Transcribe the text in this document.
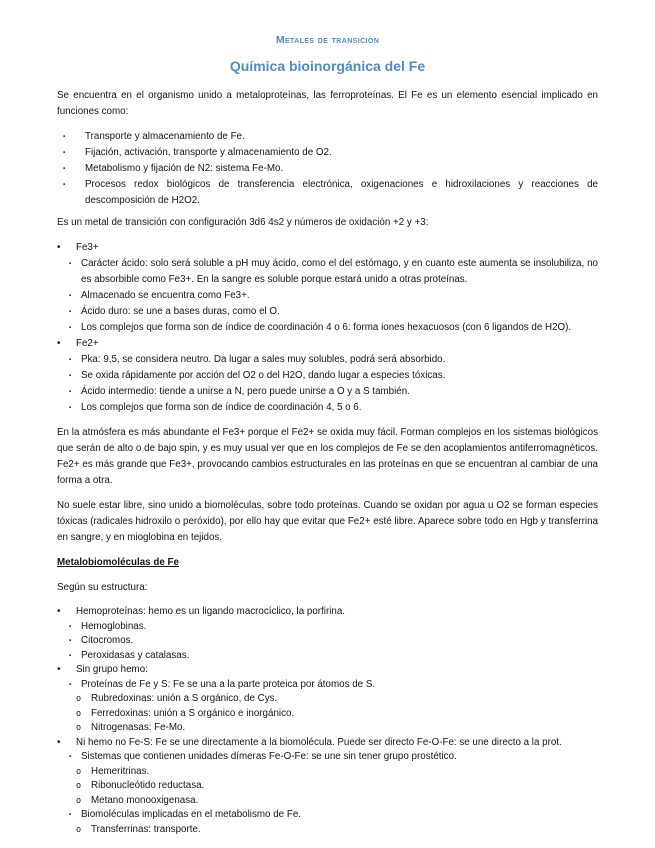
Metales de transición
Química bioinorgánica del Fe

Se encuentra en el organismo unido a metaloproteínas, las ferroproteínas. El Fe es un elemento esencial implicado en funciones como:

▪	Transporte y almacenamiento de Fe.
▪	Fijación, activación, transporte y almacenamiento de O2.
▪	Metabolismo y fijación de N2: sistema Fe-Mo.
▪	Procesos redox biológicos de transferencia electrónica, oxigenaciones e hidroxilaciones y reacciones de descomposición de H2O2.

Es un metal de transición con configuración 3d6 4s2 y números de oxidación +2 y +3:

•	Fe3+
▪ Carácter ácido: solo será soluble a pH muy ácido, como el del estómago, y en cuanto este aumenta se insolubiliza, no es absorbible como Fe3+. En la sangre es soluble porque estará unido a otras proteínas.
▪ Almacenado se encuentra como Fe3+.
▪ Ácido duro: se une a bases duras, como el O.
▪ Los complejos que forma son de índice de coordinación 4 o 6: forma iones hexacuosos (con 6 ligandos de H2O).
•	Fe2+
▪ Pka: 9,5, se considera neutro. Da lugar a sales muy solubles, podrá será absorbido.
▪ Se oxida rápidamente por acción del O2 o del H2O, dando lugar a especies tóxicas.
▪ Ácido intermedio: tiende a unirse a N, pero puede unirse a O y a S también.
▪ Los complejos que forma son de índice de coordinación 4, 5 o 6.

En la atmósfera es más abundante el Fe3+ porque el Fe2+ se oxida muy fácil. Forman complejos en los sistemas biológicos que serán de alto o de bajo spin, y es muy usual ver que en los complejos de Fe se den acoplamientos antiferromagnéticos. Fe2+ es más grande que Fe3+, provocando cambios estructurales en las proteínas en que se encuentran al cambiar de una forma a otra.

No suele estar libre, sino unido a biomoléculas, sobre todo proteínas. Cuando se oxidan por agua u O2 se forman especies tóxicas (radicales hidroxilo o peróxido), por ello hay que evitar que Fe2+ esté libre. Aparece sobre todo en Hgb y transferrina en sangre, y en mioglobina en tejidos.

Metalobiomoléculas de Fe

Según su estructura:

•	Hemoproteínas: hemo es un ligando macrocíclico, la porfirina.
▪ Hemoglobinas.
▪ Citocromos.
▪ Peroxidasas y catalasas.
•	Sin grupo hemo:
▪ Proteínas de Fe y S: Fe se una a la parte proteica por átomos de S.
o	Rubredoxinas: unión a S orgánico, de Cys.
o	Ferredoxinas: unión a S orgánico e inorgánico.
o	Nitrogenasas: Fe-Mo.
•	Ni hemo no Fe-S: Fe se une directamente a la biomolécula. Puede ser directo Fe-O-Fe: se une directo a la prot.
▪ Sistemas que contienen unidades dímeras Fe-O-Fe: se une sin tener grupo prostético.
o	Hemeritrinas.
o	Ribonucleótido reductasa.
o	Metano monooxigenasa.
▪ Biomoléculas implicadas en el metabolismo de Fe.
o	Transferrinas: transporte.
